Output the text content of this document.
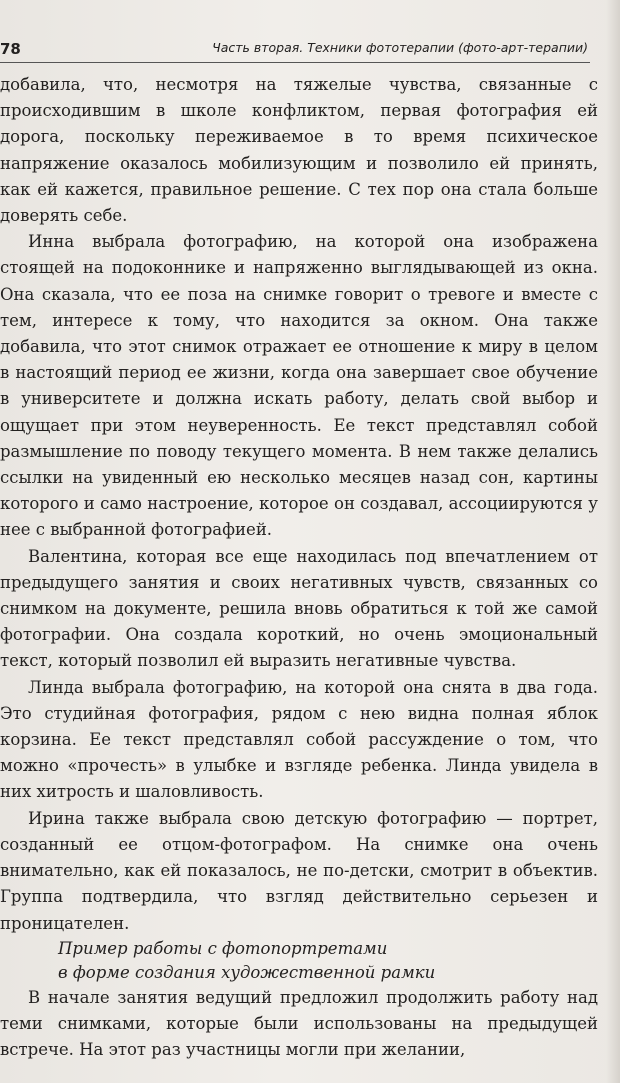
78	Часть вторая. Техники фототерапии (фото-арт-терапии)

добавила, что, несмотря на тяжелые чувства, связанные с происходившим в школе конфликтом, первая фотография ей дорога, поскольку переживаемое в то время психическое напряжение оказалось мобилизующим и позволило ей принять, как ей кажется, правильное решение. С тех пор она стала больше доверять себе.

Инна выбрала фотографию, на которой она изображена стоящей на подоконнике и напряженно выглядывающей из окна. Она сказала, что ее поза на снимке говорит о тревоге и вместе с тем, интересе к тому, что находится за окном. Она также добавила, что этот снимок отражает ее отношение к миру в целом в настоящий период ее жизни, когда она завершает свое обучение в университете и должна искать работу, делать свой выбор и ощущает при этом неуверенность. Ее текст представлял собой размышление по поводу текущего момента. В нем также делались ссылки на увиденный ею несколько месяцев назад сон, картины которого и само настроение, которое он создавал, ассоциируются у нее с выбранной фотографией.

Валентина, которая все еще находилась под впечатлением от предыдущего занятия и своих негативных чувств, связанных со снимком на документе, решила вновь обратиться к той же самой фотографии. Она создала короткий, но очень эмоциональный текст, который позволил ей выразить негативные чувства.

Линда выбрала фотографию, на которой она снята в два года. Это студийная фотография, рядом с нею видна полная яблок корзина. Ее текст представлял собой рассуждение о том, что можно «прочесть» в улыбке и взгляде ребенка. Линда увидела в них хитрость и шаловливость.

Ирина также выбрала свою детскую фотографию — портрет, созданный ее отцом-фотографом. На снимке она очень внимательно, как ей показалось, не по-детски, смотрит в объектив. Группа подтвердила, что взгляд действительно серьезен и проницателен.

Пример работы с фотопортретами

в форме создания художественной рамки

В начале занятия ведущий предложил продолжить работу над теми снимками, которые были использованы на предыдущей встрече. На этот раз участницы могли при желании,
